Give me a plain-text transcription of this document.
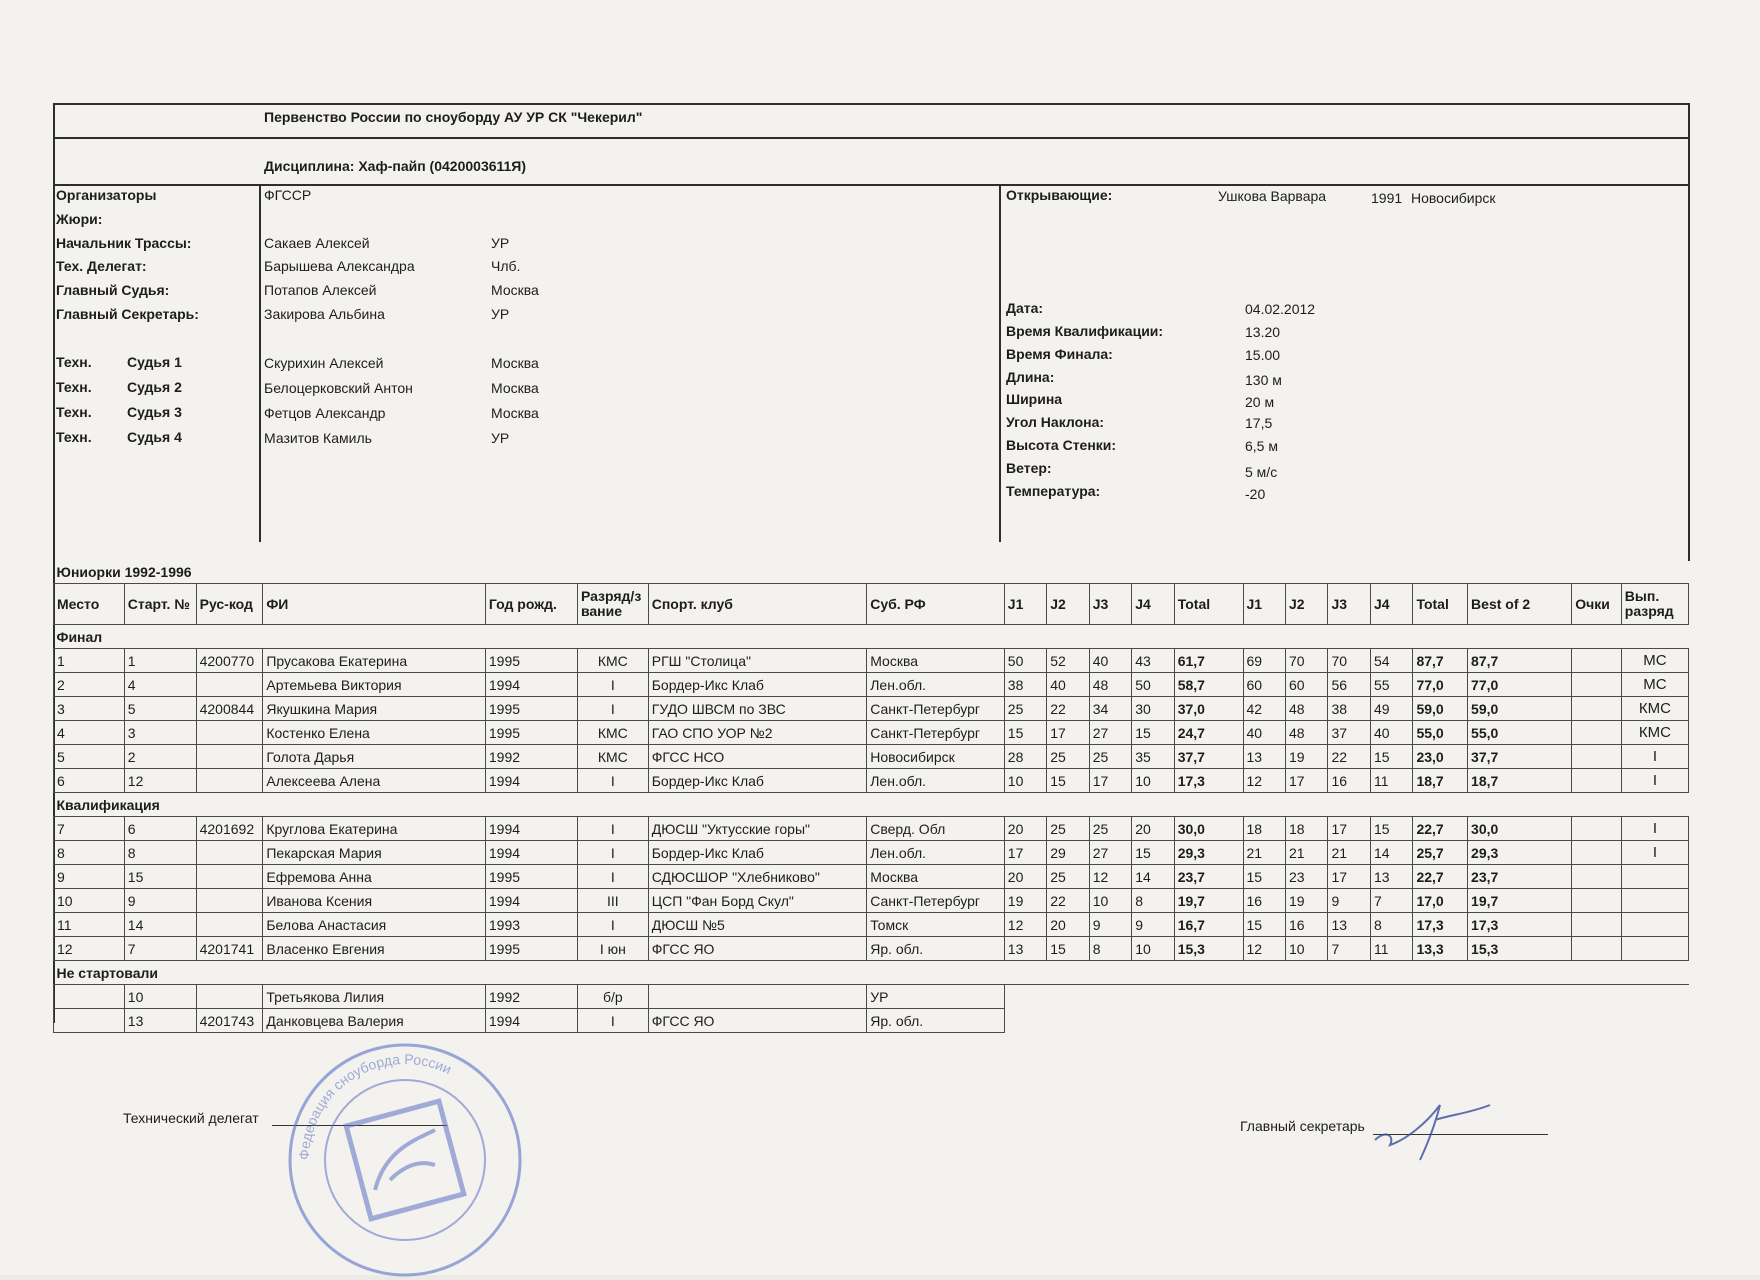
Первенство России по сноуборду АУ УР СК "Чекерил"
Дисциплина: Хаф-пайп (0420003611Я)
Организаторы	ФГССР
Жюри:
Начальник Трассы:	Сакаев Алексей	УР
Тех. Делегат:	Барышева Александра	Члб.
Главный Судья:	Потапов Алексей	Москва
Главный Секретарь:	Закирова Альбина	УР
Техн.	Судья 1	Скурихин Алексей	Москва
Техн.	Судья 2	Белоцерковский Антон	Москва
Техн.	Судья 3	Фетцов Александр	Москва
Техн.	Судья 4	Мазитов Камиль	УР
Открывающие:	Ушкова Варвара	1991 Новосибирск
Дата:	04.02.2012
Время Квалификации:	13.20
Время Финала:	15.00
Длина:	130 м
Ширина	20 м
Угол Наклона:	17,5
Высота Стенки:	6,5 м
Ветер:	5 м/с
Температура:	-20
Юниорки 1992-1996																				
Место	Старт. №	Рус-код	ФИ	Год рожд.	Разряд/звание	Спорт. клуб	Суб. РФ	J1	J2	J3	J4	Total	J1	J2	J3	J4	Total	Best of 2	Очки	Вып. разряд
Финал																				
1	1	4200770	Прусакова Екатерина	1995	КМС	РГШ "Столица"	Москва	50	52	40	43	61,7	69	70	70	54	87,7	87,7		МС
2	4		Артемьева Виктория	1994	I	Бордер-Икс Клаб	Лен.обл.	38	40	48	50	58,7	60	60	56	55	77,0	77,0		МС
3	5	4200844	Якушкина Мария	1995	I	ГУДО ШВСМ по ЗВС	Санкт-Петербург	25	22	34	30	37,0	42	48	38	49	59,0	59,0		КМС
4	3		Костенко Елена	1995	КМС	ГАО СПО УОР №2	Санкт-Петербург	15	17	27	15	24,7	40	48	37	40	55,0	55,0		КМС
5	2		Голота Дарья	1992	КМС	ФГСС НСО	Новосибирск	28	25	25	35	37,7	13	19	22	15	23,0	37,7		I
6	12		Алексеева Алена	1994	I	Бордер-Икс Клаб	Лен.обл.	10	15	17	10	17,3	12	17	16	11	18,7	18,7		I
Квалификация																				
7	6	4201692	Круглова Екатерина	1994	I	ДЮСШ "Уктусские горы"	Сверд. Обл	20	25	25	20	30,0	18	18	17	15	22,7	30,0		I
8	8		Пекарская Мария	1994	I	Бордер-Икс Клаб	Лен.обл.	17	29	27	15	29,3	21	21	21	14	25,7	29,3		I
9	15		Ефремова Анна	1995	I	СДЮСШОР "Хлебниково"	Москва	20	25	12	14	23,7	15	23	17	13	22,7	23,7		
10	9		Иванова Ксения	1994	III	ЦСП "Фан Борд Скул"	Санкт-Петербург	19	22	10	8	19,7	16	19	9	7	17,0	19,7		
11	14		Белова Анастасия	1993	I	ДЮСШ №5	Томск	12	20	9	9	16,7	15	16	13	8	17,3	17,3		
12	7	4201741	Власенко Евгения	1995	I юн	ФГСС ЯО	Яр. обл.	13	15	8	10	15,3	12	10	7	11	13,3	15,3		
Не стартовали																				
	10		Третьякова Лилия	1992	б/р		УР													
	13	4201743	Данковцева Валерия	1994	I	ФГСС ЯО	Яр. обл.													
Технический делегат	Главный секретарь
Федерация сноуборда России
